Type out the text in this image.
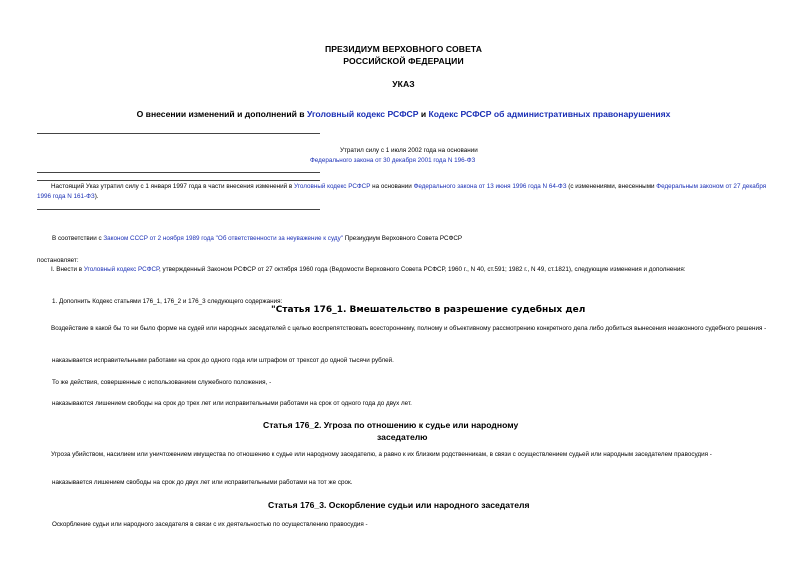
ПРЕЗИДИУМ ВЕРХОВНОГО СОВЕТА
РОССИЙСКОЙ ФЕДЕРАЦИИ
УКАЗ
О внесении изменений и дополнений в Уголовный кодекс РСФСР и Кодекс РСФСР об административных правонарушениях
Утратил силу с 1 июля 2002 года на основании
Федерального закона от 30 декабря 2001 года N 196-ФЗ
Настоящий Указ утратил силу с 1 января 1997 года в части внесения изменений в Уголовный кодекс РСФСР на основании Федерального закона от 13 июня 1996 года N 64-ФЗ (с изменениями, внесенными Федеральным законом от 27 декабря 1996 года N 161-ФЗ).
В соответствии с Законом СССР от 2 ноября 1989 года "Об ответственности за неуважение к суду" Презиудиум Верховного Совета РСФСР
постановляет:
I. Внести в Уголовный кодекс РСФСР, утвержденный Законом РСФСР от 27 октября 1960 года (Ведомости Верховного Совета РСФСР, 1960 г., N 40, ст.591; 1982 г., N 49, ст.1821), следующие изменения и дополнения:
1. Дополнить Кодекс статьями 176_1, 176_2 и 176_3 следующего содержания:
"Статья 176_1. Вмешательство в разрешение судебных дел
Воздействие в какой бы то ни было форме на судей или народных заседателей с целью воспрепятствовать всестороннему, полному и объективному рассмотрению конкретного дела либо добиться вынесения незаконного судебного решения -
наказывается исправительными работами на срок до одного года или штрафом от трехсот до одной тысячи рублей.
То же действия, совершенные с использованием служебного положения, -
наказываются лишением свободы на срок до трех лет или исправительными работами на срок от одного года до двух лет.
Статья 176_2. Угроза по отношению к судье или народному
заседателю
Угроза убийством, насилием или уничтожением имущества по отношению к судье или народному заседателю, а равно к их близким родственникам, в связи с осуществлением судьей или народным заседателем правосудия -
наказывается лишением свободы на срок до двух лет или исправительными работами на тот же срок.
Статья 176_3. Оскорбление судьи или народного заседателя
Оскорбление судьи или народного заседателя в связи с их деятельностью по осуществлению правосудия -
